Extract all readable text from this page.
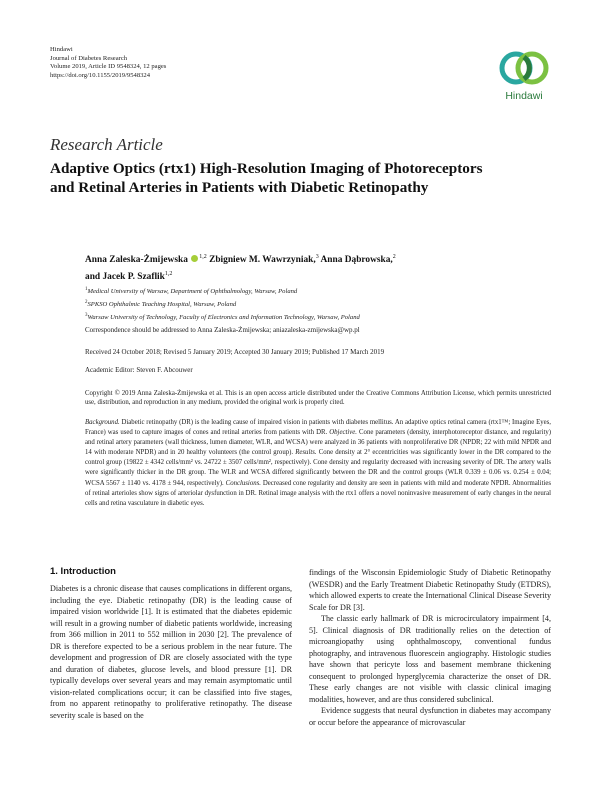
Hindawi
Journal of Diabetes Research
Volume 2019, Article ID 9548324, 12 pages
https://doi.org/10.1155/2019/9548324
Hindawi
Research Article
Adaptive Optics (rtx1) High-Resolution Imaging of Photoreceptors and Retinal Arteries in Patients with Diabetic Retinopathy
Anna Zaleska-Żmijewska $^{1,2}$ Zbigniew M. Wawrzyniak,$^3$ Anna Dąbrowska,$^2$
and Jacek P. Szaflik$^{1,2}$
$^1$Medical University of Warsaw, Department of Ophthalmology, Warsaw, Poland
$^2$SPKSO Ophthalmic Teaching Hospital, Warsaw, Poland
$^3$Warsaw University of Technology, Faculty of Electronics and Information Technology, Warsaw, Poland
Correspondence should be addressed to Anna Zaleska-Żmijewska; aniazaleska-zmijewska@wp.pl
Received 24 October 2018; Revised 5 January 2019; Accepted 30 January 2019; Published 17 March 2019
Academic Editor: Steven F. Abcouwer
Copyright © 2019 Anna Zaleska-Żmijewska et al. This is an open access article distributed under the Creative Commons Attribution License, which permits unrestricted use, distribution, and reproduction in any medium, provided the original work is properly cited.
Background. Diabetic retinopathy (DR) is the leading cause of impaired vision in patients with diabetes mellitus. An adaptive optics retinal camera (rtx1™; Imagine Eyes, France) was used to capture images of cones and retinal arteries from patients with DR. Objective. Cone parameters (density, interphotoreceptor distance, and regularity) and retinal artery parameters (wall thickness, lumen diameter, WLR, and WCSA) were analyzed in 36 patients with nonproliferative DR (NPDR; 22 with mild NPDR and 14 with moderate NPDR) and in 20 healthy volunteers (the control group). Results. Cone density at 2° eccentricities was significantly lower in the DR compared to the control group (19822 ± 4342 cells/mm² vs. 24722 ± 3507 cells/mm², respectively). Cone density and regularity decreased with increasing severity of DR. The artery walls were significantly thicker in the DR group. The WLR and WCSA differed significantly between the DR and the control groups (WLR 0.339 ± 0.06 vs. 0.254 ± 0.04; WCSA 5567 ± 1140 vs. 4178 ± 944, respectively). Conclusions. Decreased cone regularity and density are seen in patients with mild and moderate NPDR. Abnormalities of retinal arterioles show signs of arteriolar dysfunction in DR. Retinal image analysis with the rtx1 offers a novel noninvasive measurement of early changes in the neural cells and retina vasculature in diabetic eyes.
1. Introduction

Diabetes is a chronic disease that causes complications in different organs, including the eye. Diabetic retinopathy (DR) is the leading cause of impaired vision worldwide [1]. It is estimated that the diabetes epidemic will result in a growing number of diabetic patients worldwide, increasing from 366 million in 2011 to 552 million in 2030 [2]. The prevalence of DR is therefore expected to be a serious problem in the near future. The development and progression of DR are closely associated with the type and duration of diabetes, glucose levels, and blood pressure [1]. DR typically develops over several years and may remain asymptomatic until vision-related complications occur; it can be classified into five stages, from no apparent retinopathy to proliferative retinopathy. The disease severity scale is based on the

findings of the Wisconsin Epidemiologic Study of Diabetic Retinopathy (WESDR) and the Early Treatment Diabetic Retinopathy Study (ETDRS), which allowed experts to create the International Clinical Disease Severity Scale for DR [3].

The classic early hallmark of DR is microcirculatory impairment [4, 5]. Clinical diagnosis of DR traditionally relies on the detection of microangiopathy using ophthalmoscopy, conventional fundus photography, and intravenous fluorescein angiography. Histologic studies have shown that pericyte loss and basement membrane thickening consequent to prolonged hyperglycemia characterize the onset of DR. These early changes are not visible with classic clinical imaging modalities, however, and are thus considered subclinical.

Evidence suggests that neural dysfunction in diabetes may accompany or occur before the appearance of microvascular
